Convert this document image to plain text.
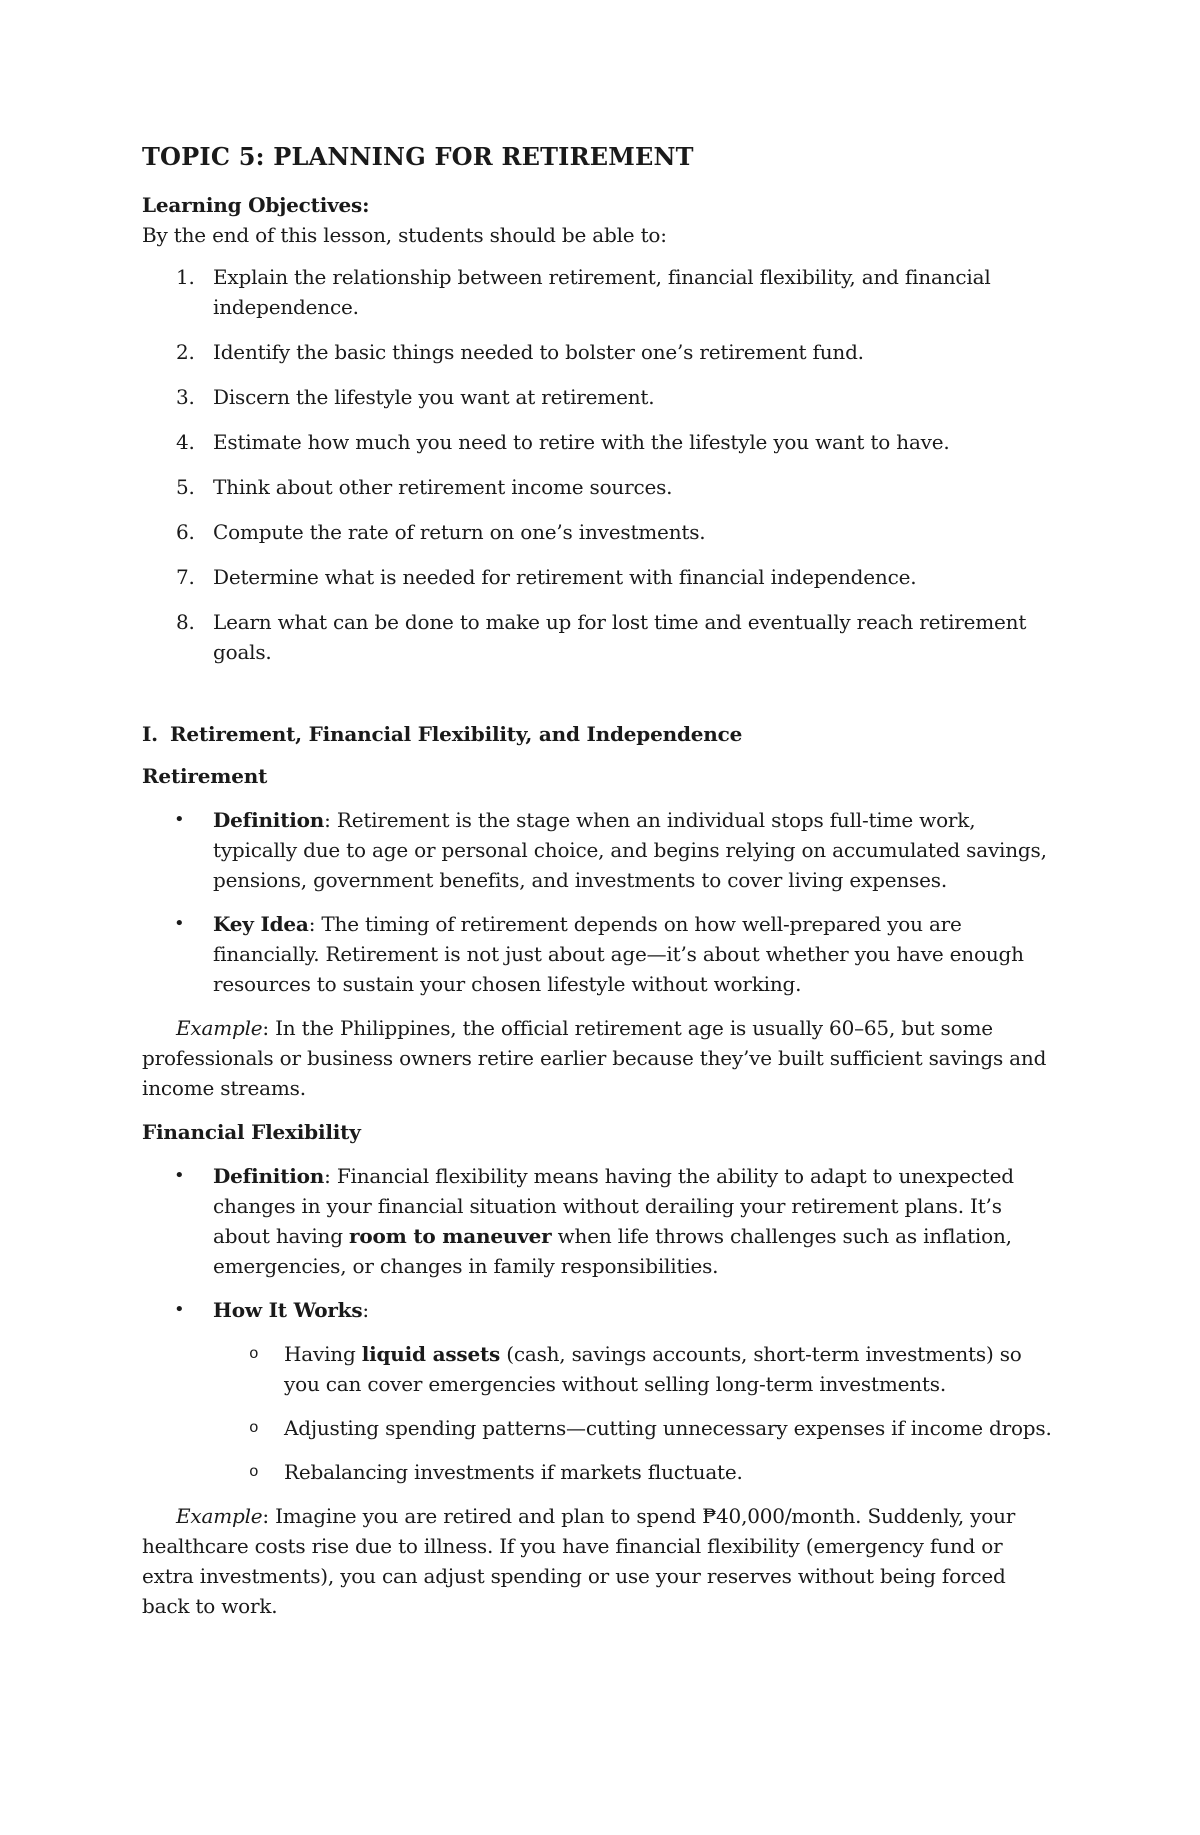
TOPIC 5: PLANNING FOR RETIREMENT

Learning Objectives:

By the end of this lesson, students should be able to:

1. Explain the relationship between retirement, financial flexibility, and financial independence.
2. Identify the basic things needed to bolster one’s retirement fund.
3. Discern the lifestyle you want at retirement.
4. Estimate how much you need to retire with the lifestyle you want to have.
5. Think about other retirement income sources.
6. Compute the rate of return on one’s investments.
7. Determine what is needed for retirement with financial independence.
8. Learn what can be done to make up for lost time and eventually reach retirement goals.

I. Retirement, Financial Flexibility, and Independence

Retirement

• Definition: Retirement is the stage when an individual stops full-time work, typically due to age or personal choice, and begins relying on accumulated savings, pensions, government benefits, and investments to cover living expenses.
• Key Idea: The timing of retirement depends on how well-prepared you are financially. Retirement is not just about age—it’s about whether you have enough resources to sustain your chosen lifestyle without working.

Example: In the Philippines, the official retirement age is usually 60–65, but some professionals or business owners retire earlier because they’ve built sufficient savings and income streams.

Financial Flexibility

• Definition: Financial flexibility means having the ability to adapt to unexpected changes in your financial situation without derailing your retirement plans. It’s about having room to maneuver when life throws challenges such as inflation, emergencies, or changes in family responsibilities.
• How It Works:
o Having liquid assets (cash, savings accounts, short-term investments) so you can cover emergencies without selling long-term investments.
o Adjusting spending patterns—cutting unnecessary expenses if income drops.
o Rebalancing investments if markets fluctuate.

Example: Imagine you are retired and plan to spend ₱40,000/month. Suddenly, your healthcare costs rise due to illness. If you have financial flexibility (emergency fund or extra investments), you can adjust spending or use your reserves without being forced back to work.
